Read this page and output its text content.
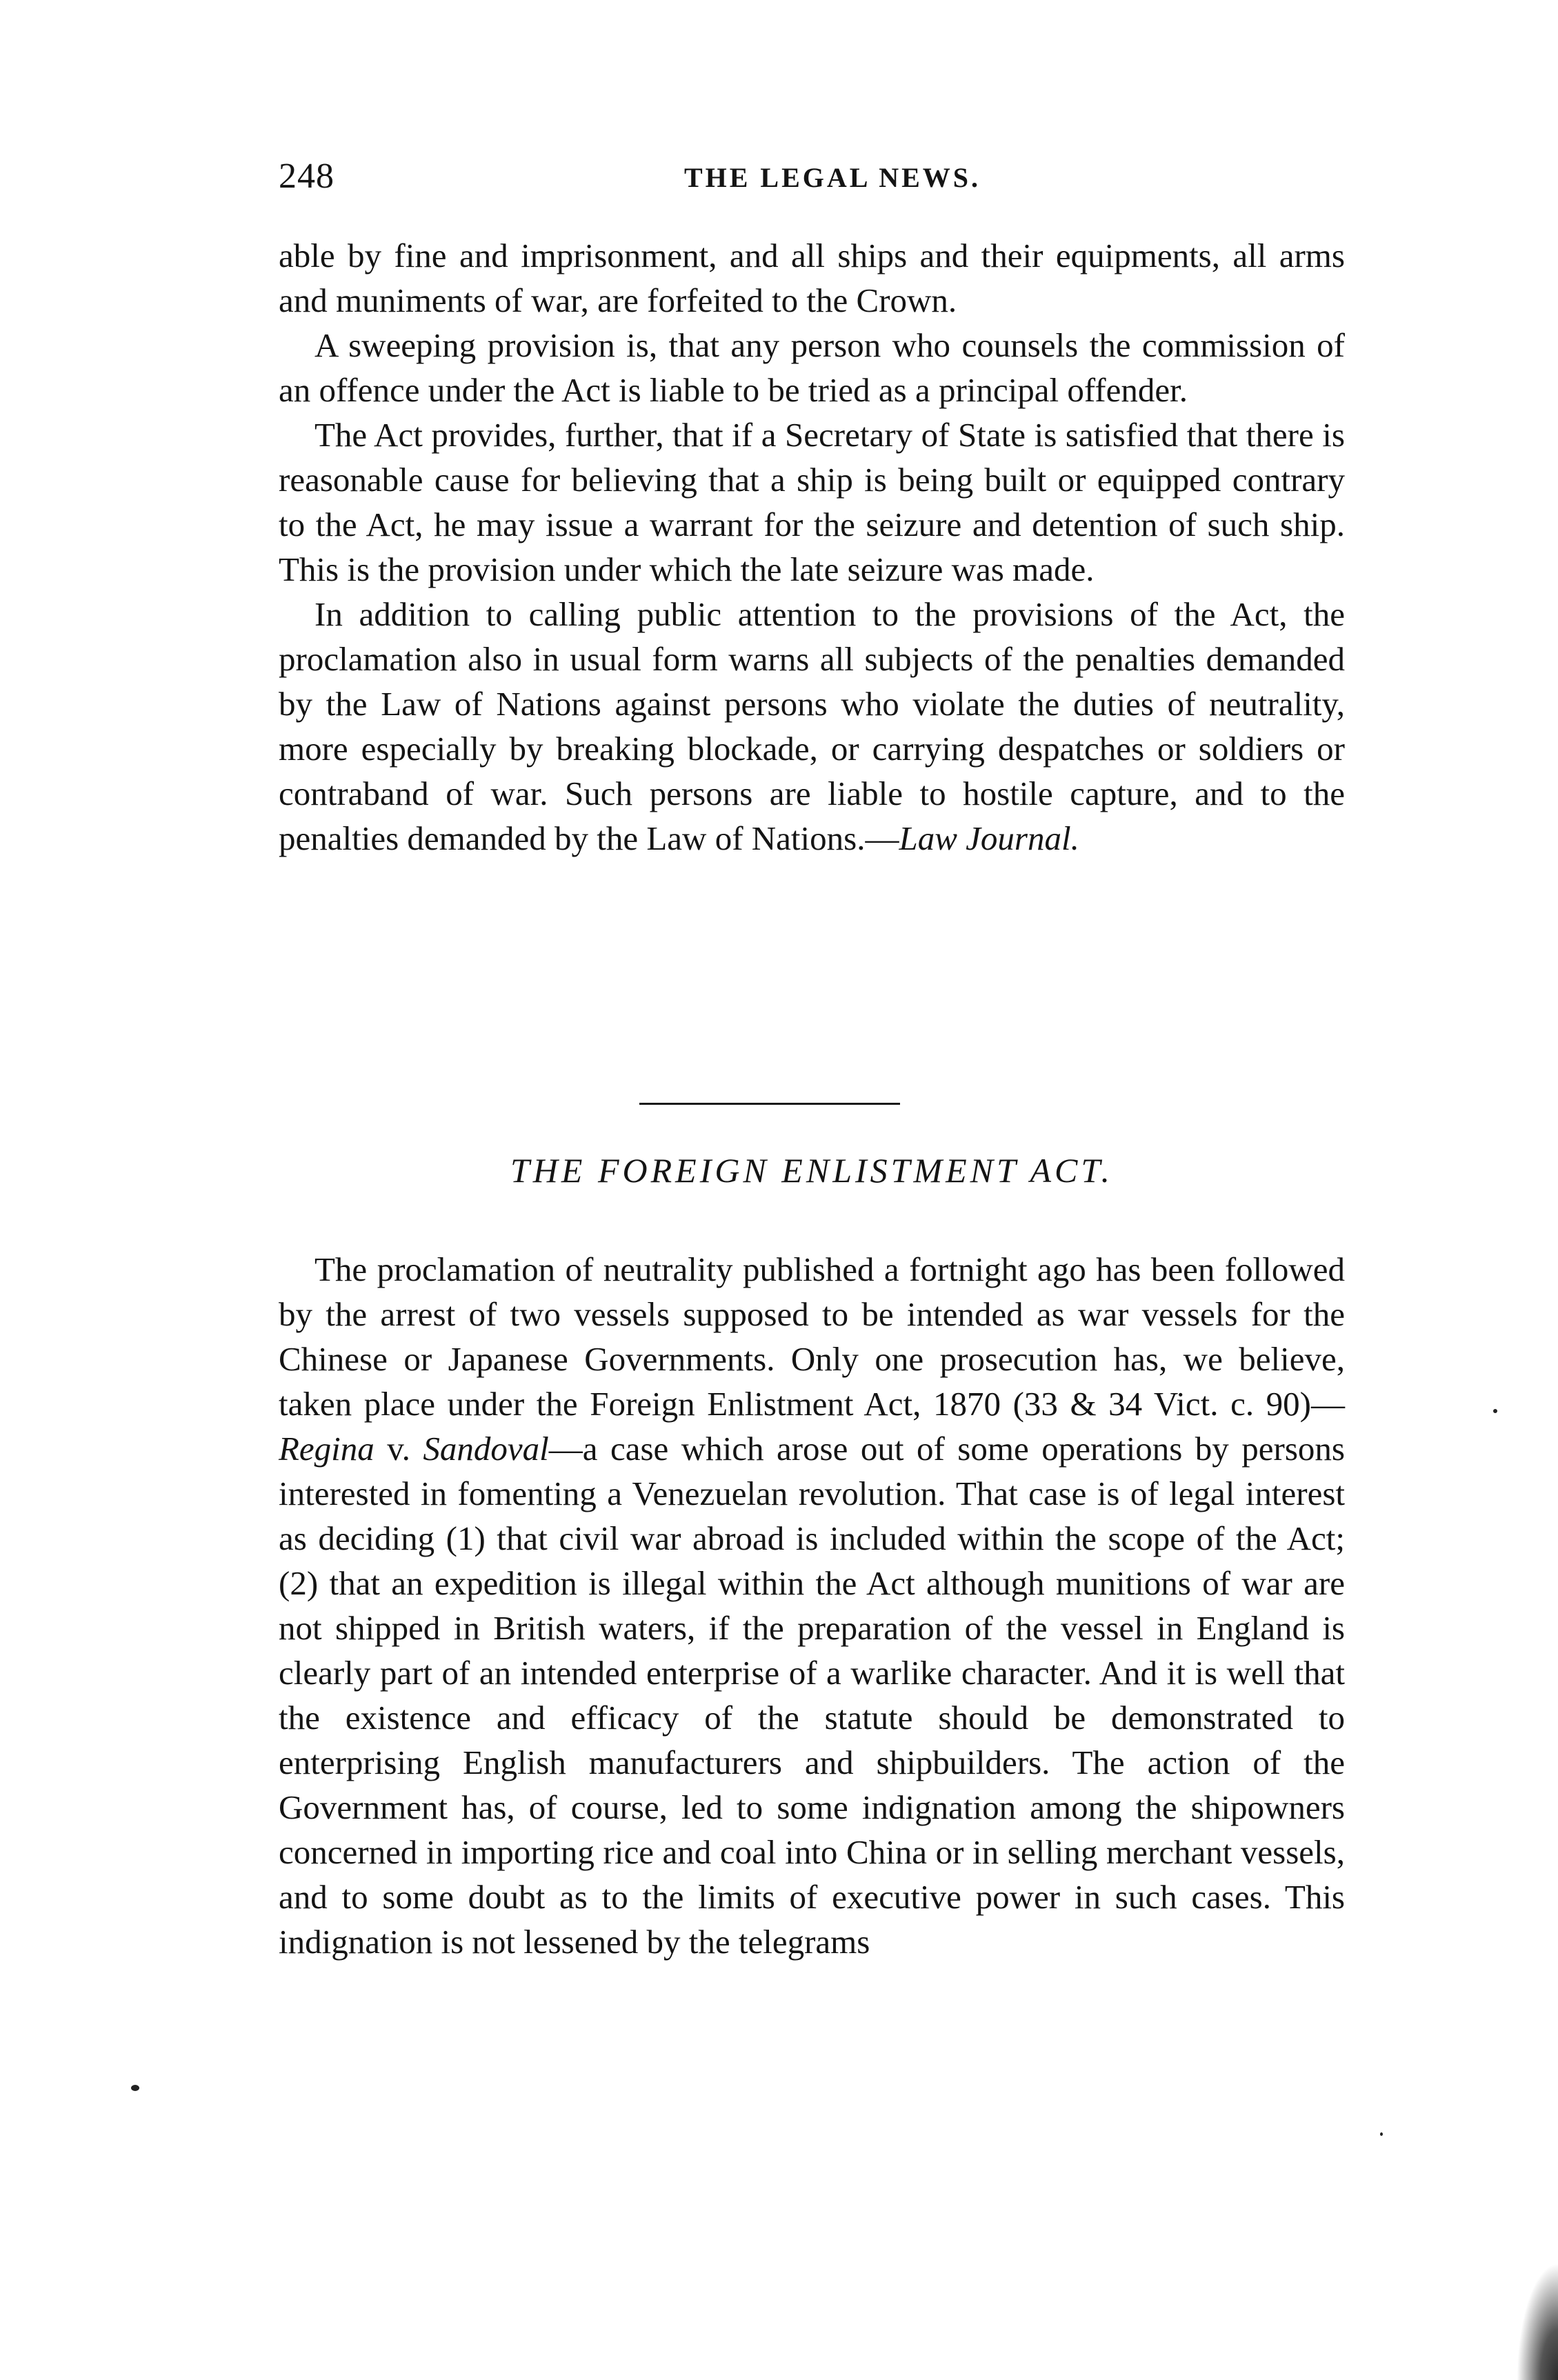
248	THE LEGAL NEWS.

able by fine and imprisonment, and all ships and their equipments, all arms and muniments of war, are forfeited to the Crown.

A sweeping provision is, that any person who counsels the commission of an offence under the Act is liable to be tried as a principal offender.

The Act provides, further, that if a Secretary of State is satisfied that there is reasonable cause for believing that a ship is being built or equipped contrary to the Act, he may issue a warrant for the seizure and detention of such ship. This is the provision under which the late seizure was made.

In addition to calling public attention to the provisions of the Act, the proclamation also in usual form warns all subjects of the penalties demanded by the Law of Nations against persons who violate the duties of neutrality, more especially by breaking blockade, or carrying despatches or soldiers or contraband of war. Such persons are liable to hostile capture, and to the penalties demanded by the Law of Nations.—Law Journal.

THE FOREIGN ENLISTMENT ACT.

The proclamation of neutrality published a fortnight ago has been followed by the arrest of two vessels supposed to be intended as war vessels for the Chinese or Japanese Governments. Only one prosecution has, we believe, taken place under the Foreign Enlistment Act, 1870 (33 & 34 Vict. c. 90)—Regina v. Sandoval—a case which arose out of some operations by persons interested in fomenting a Venezuelan revolution. That case is of legal interest as deciding (1) that civil war abroad is included within the scope of the Act; (2) that an expedition is illegal within the Act although munitions of war are not shipped in British waters, if the preparation of the vessel in England is clearly part of an intended enterprise of a warlike character. And it is well that the existence and efficacy of the statute should be demonstrated to enterprising English manufacturers and shipbuilders. The action of the Government has, of course, led to some indignation among the shipowners concerned in importing rice and coal into China or in selling merchant vessels, and to some doubt as to the limits of executive power in such cases. This indignation is not lessened by the telegrams
